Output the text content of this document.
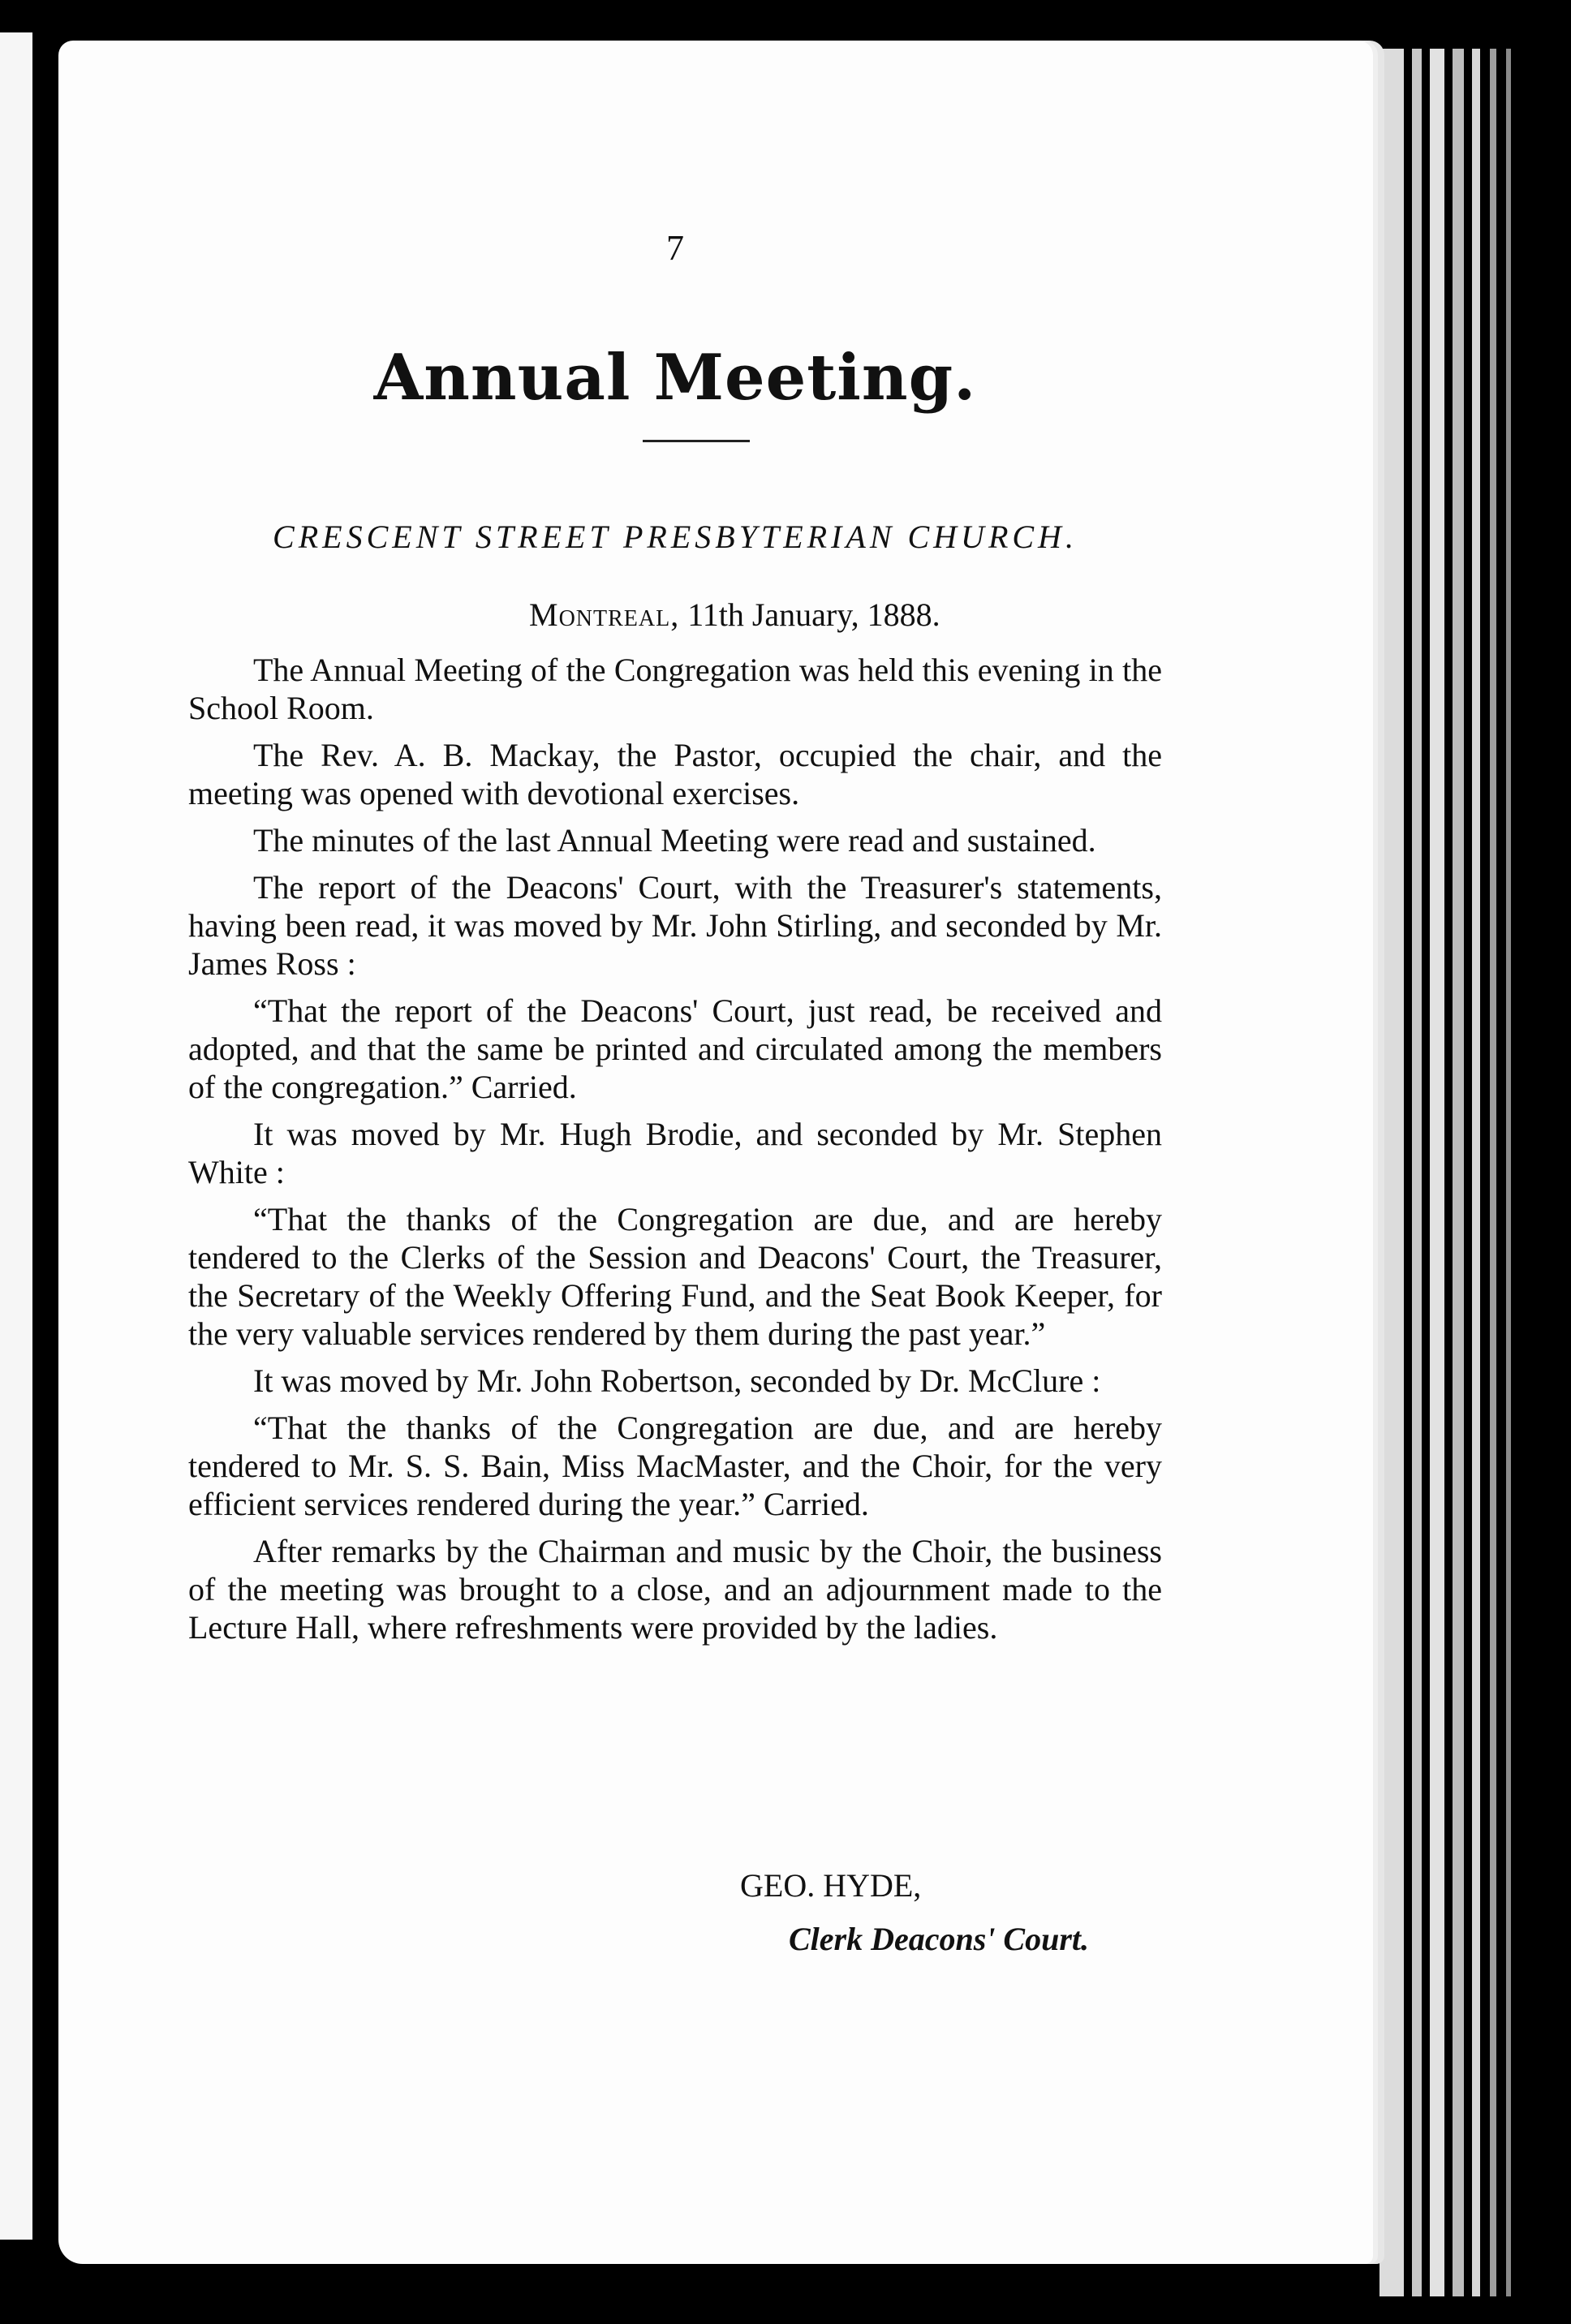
7
Annual Meeting.
CRESCENT STREET PRESBYTERIAN CHURCH.
Montreal, 11th January, 1888.

The Annual Meeting of the Congregation was held this evening in the School Room.

The Rev. A. B. Mackay, the Pastor, occupied the chair, and the meeting was opened with devotional exercises.

The minutes of the last Annual Meeting were read and sustained.

The report of the Deacons' Court, with the Treasurer's statements, having been read, it was moved by Mr. John Stirling, and seconded by Mr. James Ross :

“That the report of the Deacons' Court, just read, be received and adopted, and that the same be printed and circulated among the members of the congregation.” Carried.

It was moved by Mr. Hugh Brodie, and seconded by Mr. Stephen White :

“That the thanks of the Congregation are due, and are hereby tendered to the Clerks of the Session and Deacons' Court, the Treasurer, the Secretary of the Weekly Offering Fund, and the Seat Book Keeper, for the very valuable services rendered by them during the past year.”

It was moved by Mr. John Robertson, seconded by Dr. McClure :

“That the thanks of the Congregation are due, and are hereby tendered to Mr. S. S. Bain, Miss MacMaster, and the Choir, for the very efficient services rendered during the year.” Carried.

After remarks by the Chairman and music by the Choir, the business of the meeting was brought to a close, and an adjournment made to the Lecture Hall, where refreshments were provided by the ladies.

GEO. HYDE,
Clerk Deacons' Court.
